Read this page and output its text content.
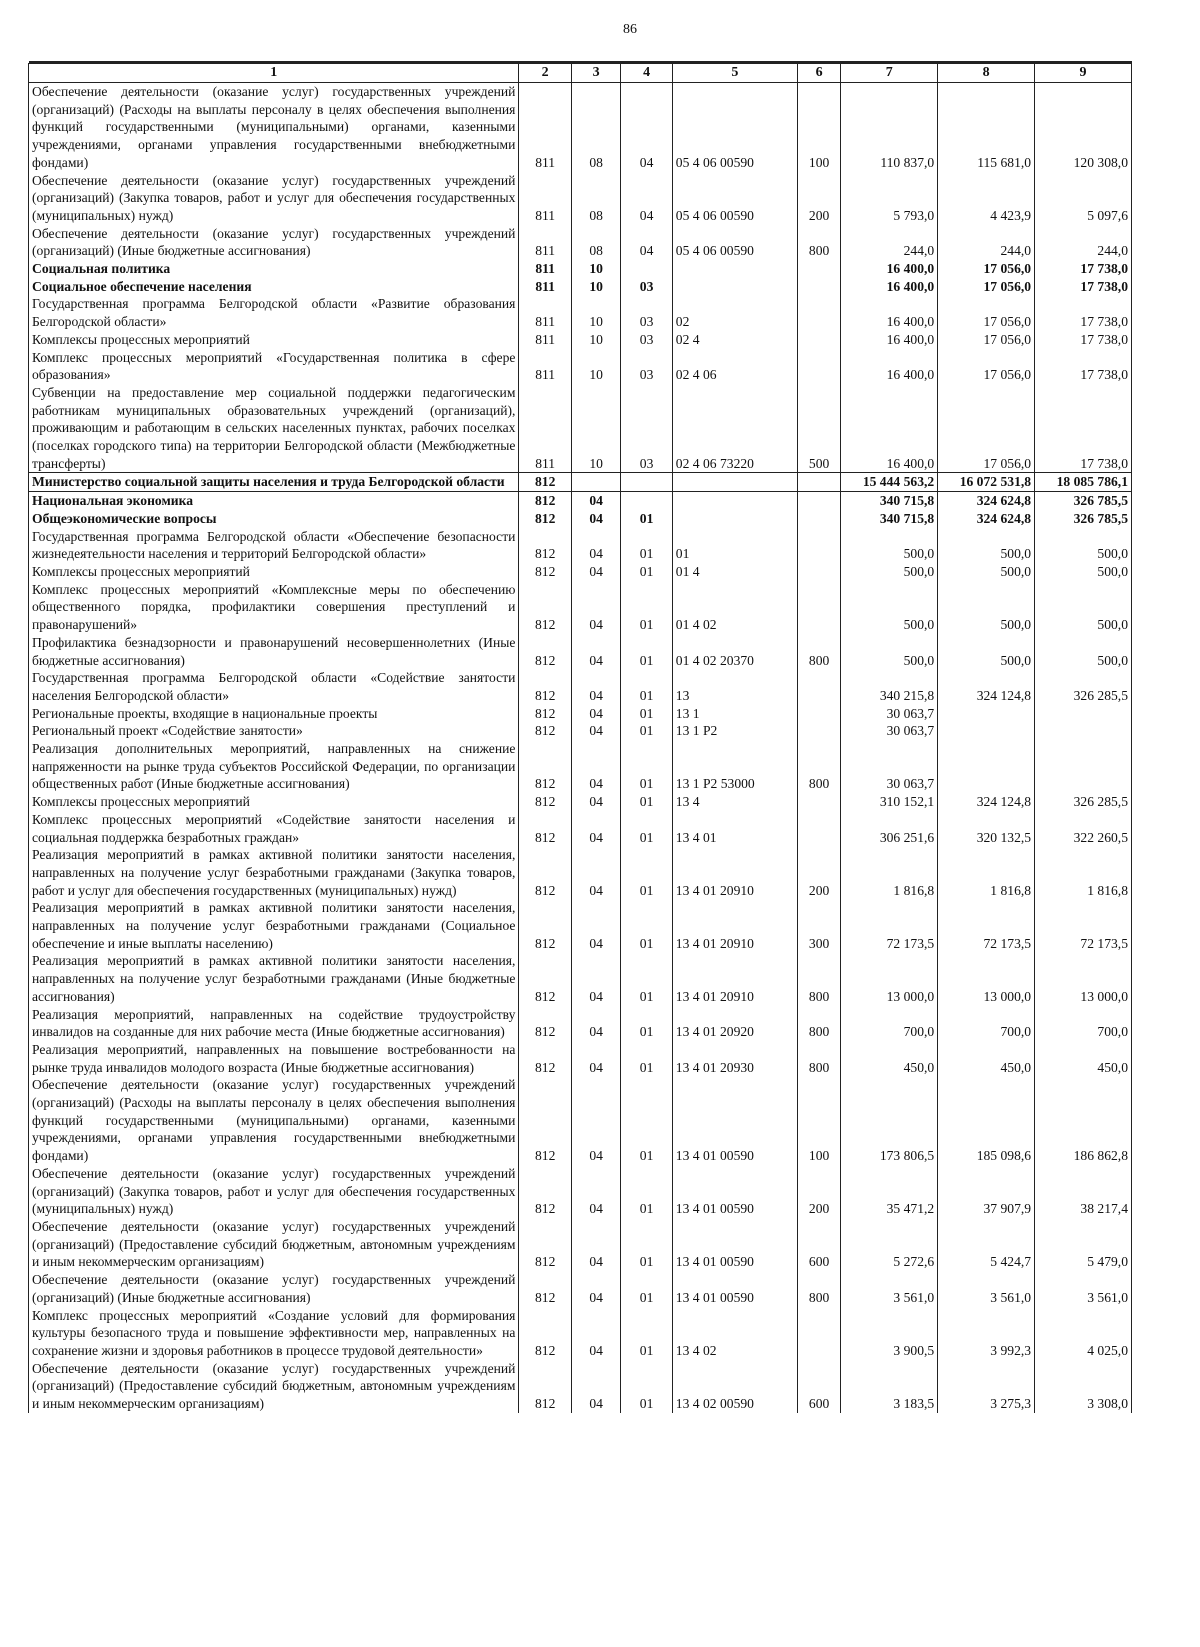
86

1	2	3	4	5	6	7	8	9
Обеспечение деятельности (оказание услуг) государственных учреждений (организаций) (Расходы на выплаты персоналу в целях обеспечения выполнения функций государственными (муниципальными) органами, казенными учреждениями, органами управления государственными внебюджетными фондами)	811	08	04	05 4 06 00590	100	110 837,0	115 681,0	120 308,0
Обеспечение деятельности (оказание услуг) государственных учреждений (организаций) (Закупка товаров, работ и услуг для обеспечения государственных (муниципальных) нужд)	811	08	04	05 4 06 00590	200	5 793,0	4 423,9	5 097,6
Обеспечение деятельности (оказание услуг) государственных учреждений (организаций) (Иные бюджетные ассигнования)	811	08	04	05 4 06 00590	800	244,0	244,0	244,0
Социальная политика	811	10				16 400,0	17 056,0	17 738,0
Социальное обеспечение населения	811	10	03			16 400,0	17 056,0	17 738,0
Государственная программа Белгородской области «Развитие образования Белгородской области»	811	10	03	02		16 400,0	17 056,0	17 738,0
Комплексы процессных мероприятий	811	10	03	02 4		16 400,0	17 056,0	17 738,0
Комплекс процессных мероприятий «Государственная политика в сфере образования»	811	10	03	02 4 06		16 400,0	17 056,0	17 738,0
Субвенции на предоставление мер социальной поддержки педагогическим работникам муниципальных образовательных учреждений (организаций), проживающим и работающим в сельских населенных пунктах, рабочих поселках (поселках городского типа) на территории Белгородской области (Межбюджетные трансферты)	811	10	03	02 4 06 73220	500	16 400,0	17 056,0	17 738,0
Министерство социальной защиты населения и труда Белгородской области	812					15 444 563,2	16 072 531,8	18 085 786,1
Национальная экономика	812	04				340 715,8	324 624,8	326 785,5
Общеэкономические вопросы	812	04	01			340 715,8	324 624,8	326 785,5
Государственная программа Белгородской области «Обеспечение безопасности жизнедеятельности населения и территорий Белгородской области»	812	04	01	01		500,0	500,0	500,0
Комплексы процессных мероприятий	812	04	01	01 4		500,0	500,0	500,0
Комплекс процессных мероприятий «Комплексные меры по обеспечению общественного порядка, профилактики совершения преступлений и правонарушений»	812	04	01	01 4 02		500,0	500,0	500,0
Профилактика безнадзорности и правонарушений несовершеннолетних (Иные бюджетные ассигнования)	812	04	01	01 4 02 20370	800	500,0	500,0	500,0
Государственная программа Белгородской области «Содействие занятости населения Белгородской области»	812	04	01	13		340 215,8	324 124,8	326 285,5
Региональные проекты, входящие в национальные проекты	812	04	01	13 1		30 063,7		
Региональный проект «Содействие занятости»	812	04	01	13 1 Р2		30 063,7		
Реализация дополнительных мероприятий, направленных на снижение напряженности на рынке труда субъектов Российской Федерации, по организации общественных работ (Иные бюджетные ассигнования)	812	04	01	13 1 Р2 53000	800	30 063,7		
Комплексы процессных мероприятий	812	04	01	13 4		310 152,1	324 124,8	326 285,5
Комплекс процессных мероприятий «Содействие занятости населения и социальная поддержка безработных граждан»	812	04	01	13 4 01		306 251,6	320 132,5	322 260,5
Реализация мероприятий в рамках активной политики занятости населения, направленных на получение услуг безработными гражданами (Закупка товаров, работ и услуг для обеспечения государственных (муниципальных) нужд)	812	04	01	13 4 01 20910	200	1 816,8	1 816,8	1 816,8
Реализация мероприятий в рамках активной политики занятости населения, направленных на получение услуг безработными гражданами (Социальное обеспечение и иные выплаты населению)	812	04	01	13 4 01 20910	300	72 173,5	72 173,5	72 173,5
Реализация мероприятий в рамках активной политики занятости населения, направленных на получение услуг безработными гражданами (Иные бюджетные ассигнования)	812	04	01	13 4 01 20910	800	13 000,0	13 000,0	13 000,0
Реализация мероприятий, направленных на содействие трудоустройству инвалидов на созданные для них рабочие места (Иные бюджетные ассигнования)	812	04	01	13 4 01 20920	800	700,0	700,0	700,0
Реализация мероприятий, направленных на повышение востребованности на рынке труда инвалидов молодого возраста (Иные бюджетные ассигнования)	812	04	01	13 4 01 20930	800	450,0	450,0	450,0
Обеспечение деятельности (оказание услуг) государственных учреждений (организаций) (Расходы на выплаты персоналу в целях обеспечения выполнения функций государственными (муниципальными) органами, казенными учреждениями, органами управления государственными внебюджетными фондами)	812	04	01	13 4 01 00590	100	173 806,5	185 098,6	186 862,8
Обеспечение деятельности (оказание услуг) государственных учреждений (организаций) (Закупка товаров, работ и услуг для обеспечения государственных (муниципальных) нужд)	812	04	01	13 4 01 00590	200	35 471,2	37 907,9	38 217,4
Обеспечение деятельности (оказание услуг) государственных учреждений (организаций) (Предоставление субсидий бюджетным, автономным учреждениям и иным некоммерческим организациям)	812	04	01	13 4 01 00590	600	5 272,6	5 424,7	5 479,0
Обеспечение деятельности (оказание услуг) государственных учреждений (организаций) (Иные бюджетные ассигнования)	812	04	01	13 4 01 00590	800	3 561,0	3 561,0	3 561,0
Комплекс процессных мероприятий «Создание условий для формирования культуры безопасного труда и повышение эффективности мер, направленных на сохранение жизни и здоровья работников в процессе трудовой деятельности»	812	04	01	13 4 02		3 900,5	3 992,3	4 025,0
Обеспечение деятельности (оказание услуг) государственных учреждений (организаций) (Предоставление субсидий бюджетным, автономным учреждениям и иным некоммерческим организациям)	812	04	01	13 4 02 00590	600	3 183,5	3 275,3	3 308,0
